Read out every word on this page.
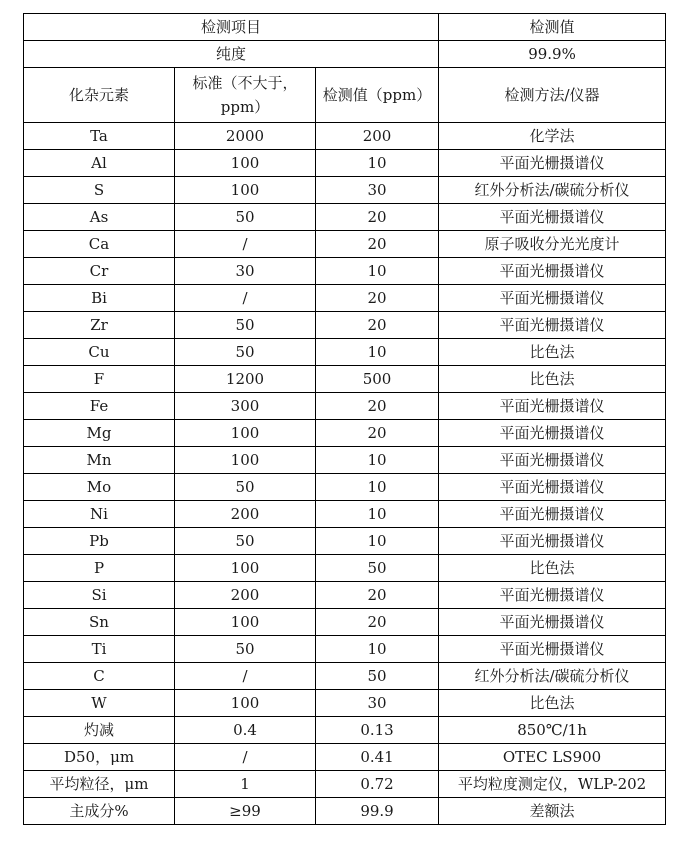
检测项目			检测值
纯度			99.9%
化杂元素	标准（不大于，ppm）	检测值（ppm）	检测方法/仪器
Ta	2000	200	化学法
Al	100	10	平面光栅摄谱仪
S	100	30	红外分析法/碳硫分析仪
As	50	20	平面光栅摄谱仪
Ca	/	20	原子吸收分光光度计
Cr	30	10	平面光栅摄谱仪
Bi	/	20	平面光栅摄谱仪
Zr	50	20	平面光栅摄谱仪
Cu	50	10	比色法
F	1200	500	比色法
Fe	300	20	平面光栅摄谱仪
Mg	100	20	平面光栅摄谱仪
Mn	100	10	平面光栅摄谱仪
Mo	50	10	平面光栅摄谱仪
Ni	200	10	平面光栅摄谱仪
Pb	50	10	平面光栅摄谱仪
P	100	50	比色法
Si	200	20	平面光栅摄谱仪
Sn	100	20	平面光栅摄谱仪
Ti	50	10	平面光栅摄谱仪
C	/	50	红外分析法/碳硫分析仪
W	100	30	比色法
灼减	0.4	0.13	850℃/1h
D50，μm	/	0.41	OTEC LS900
平均粒径，μm	1	0.72	平均粒度测定仪，WLP-202
主成分%	≥99	99.9	差额法
